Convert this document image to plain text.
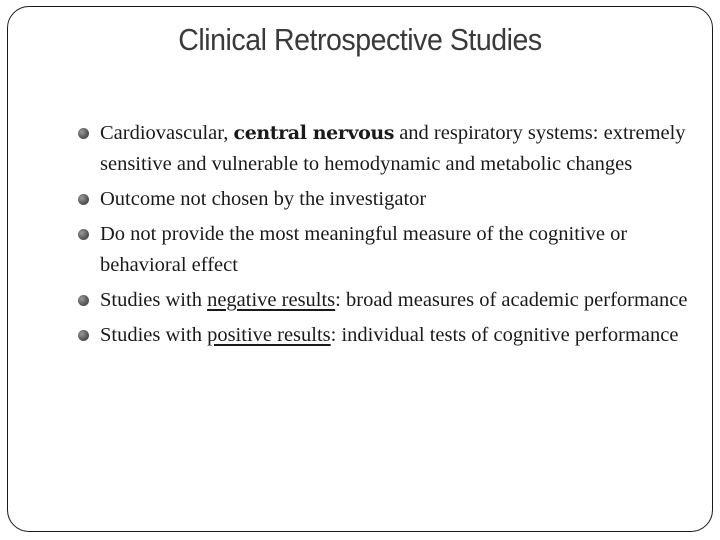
Clinical Retrospective Studies
Cardiovascular, central nervous and respiratory systems: extremely sensitive and vulnerable to hemodynamic and metabolic changes
Outcome not chosen by the investigator
Do not provide the most meaningful measure of the cognitive or behavioral effect
Studies with negative results: broad measures of academic performance
Studies with positive results: individual tests of cognitive performance
